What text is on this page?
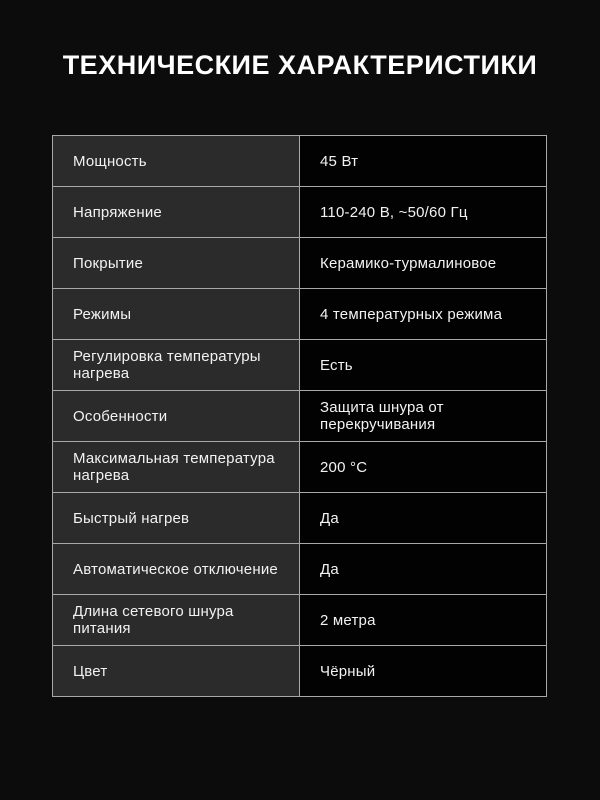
ТЕХНИЧЕСКИЕ ХАРАКТЕРИСТИКИ
Мощность	45 Вт
Напряжение	110-240 В, ~50/60 Гц
Покрытие	Керамико-турмалиновое
Режимы	4 температурных режима
Регулировка температуры нагрева	Есть
Особенности	Защита шнура от перекручивания
Максимальная температура нагрева	200 °C
Быстрый нагрев	Да
Автоматическое отключение	Да
Длина сетевого шнура питания	2 метра
Цвет	Чёрный
